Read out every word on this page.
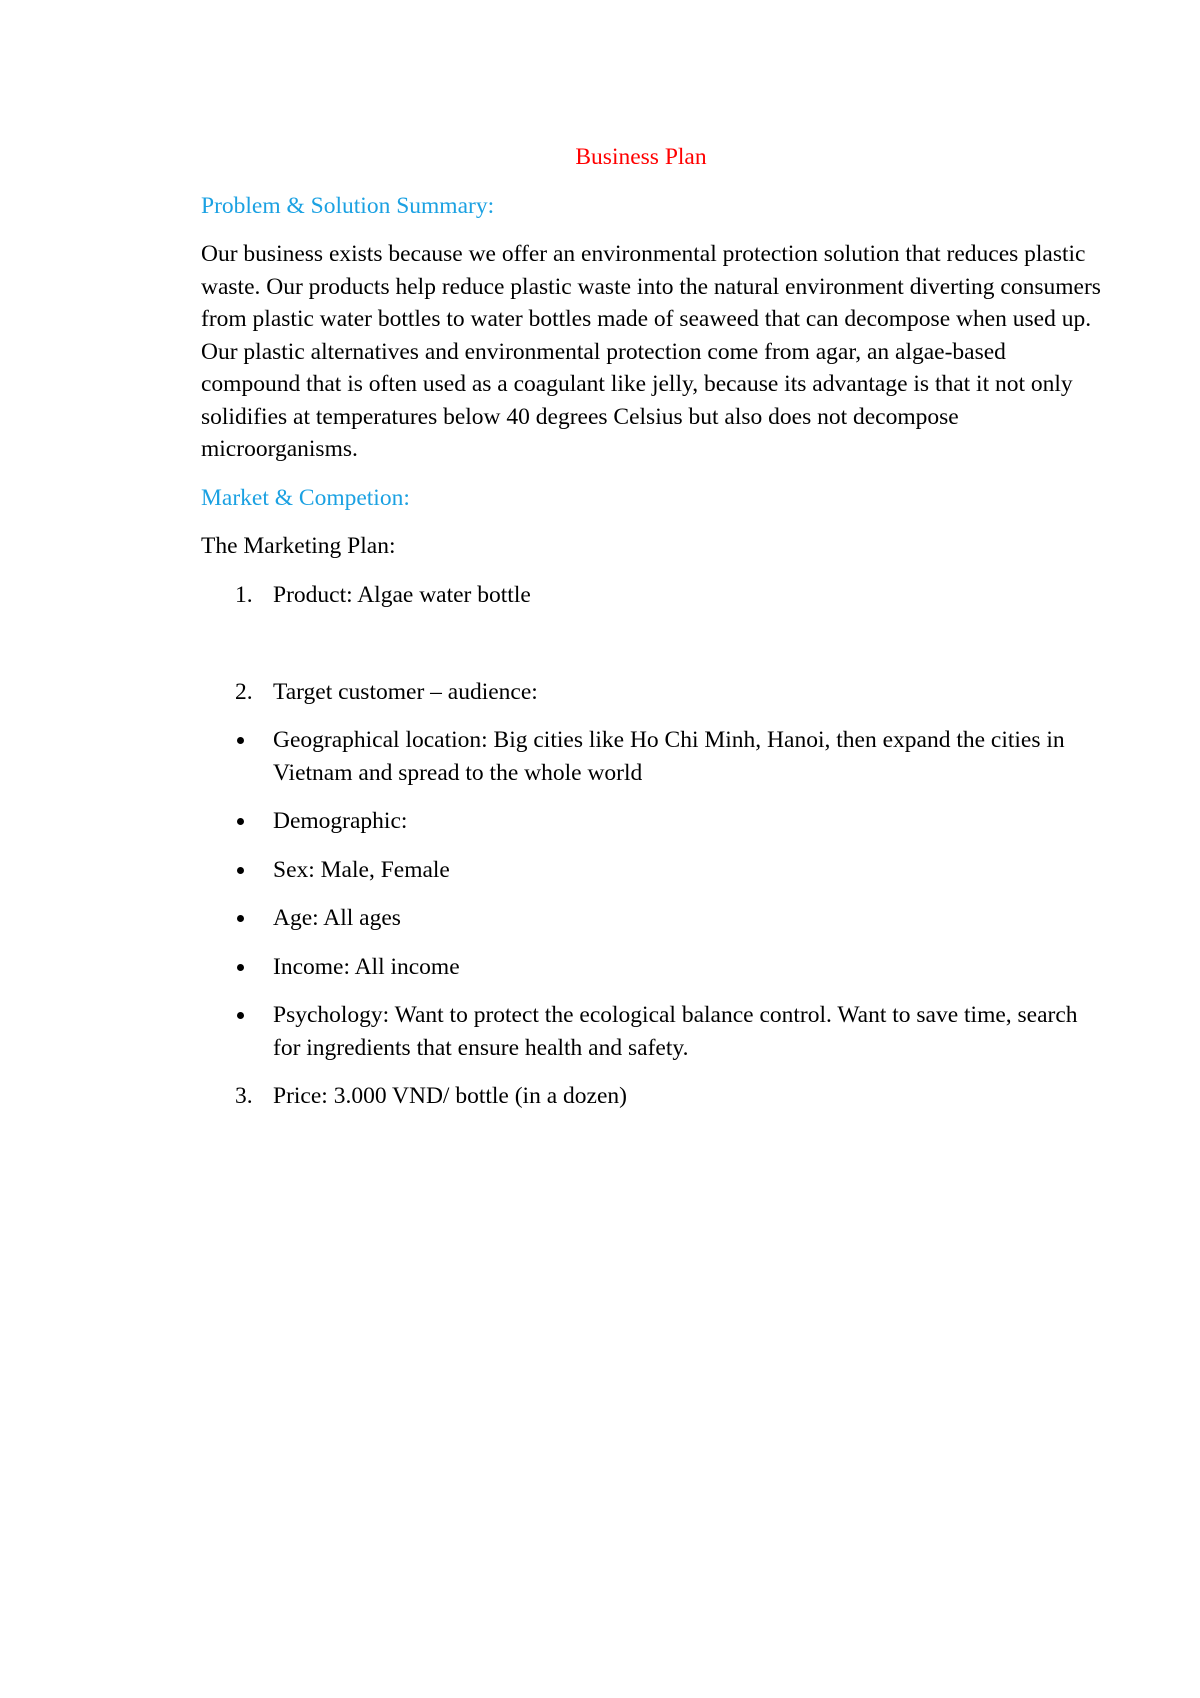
Business Plan
Problem & Solution Summary:

Our business exists because we offer an environmental protection solution that reduces plastic waste. Our products help reduce plastic waste into the natural environment diverting consumers from plastic water bottles to water bottles made of seaweed that can decompose when used up. Our plastic alternatives and environmental protection come from agar, an algae-based compound that is often used as a coagulant like jelly, because its advantage is that it not only solidifies at temperatures below 40 degrees Celsius but also does not decompose microorganisms.

Market & Competion:

The Marketing Plan:

1. Product: Algae water bottle
2. Target customer – audience:
Geographical location: Big cities like Ho Chi Minh, Hanoi, then expand the cities in Vietnam and spread to the whole world
Demographic:
Sex: Male, Female
Age: All ages
Income: All income
Psychology: Want to protect the ecological balance control. Want to save time, search for ingredients that ensure health and safety.
3. Price: 3.000 VND/ bottle (in a dozen)
